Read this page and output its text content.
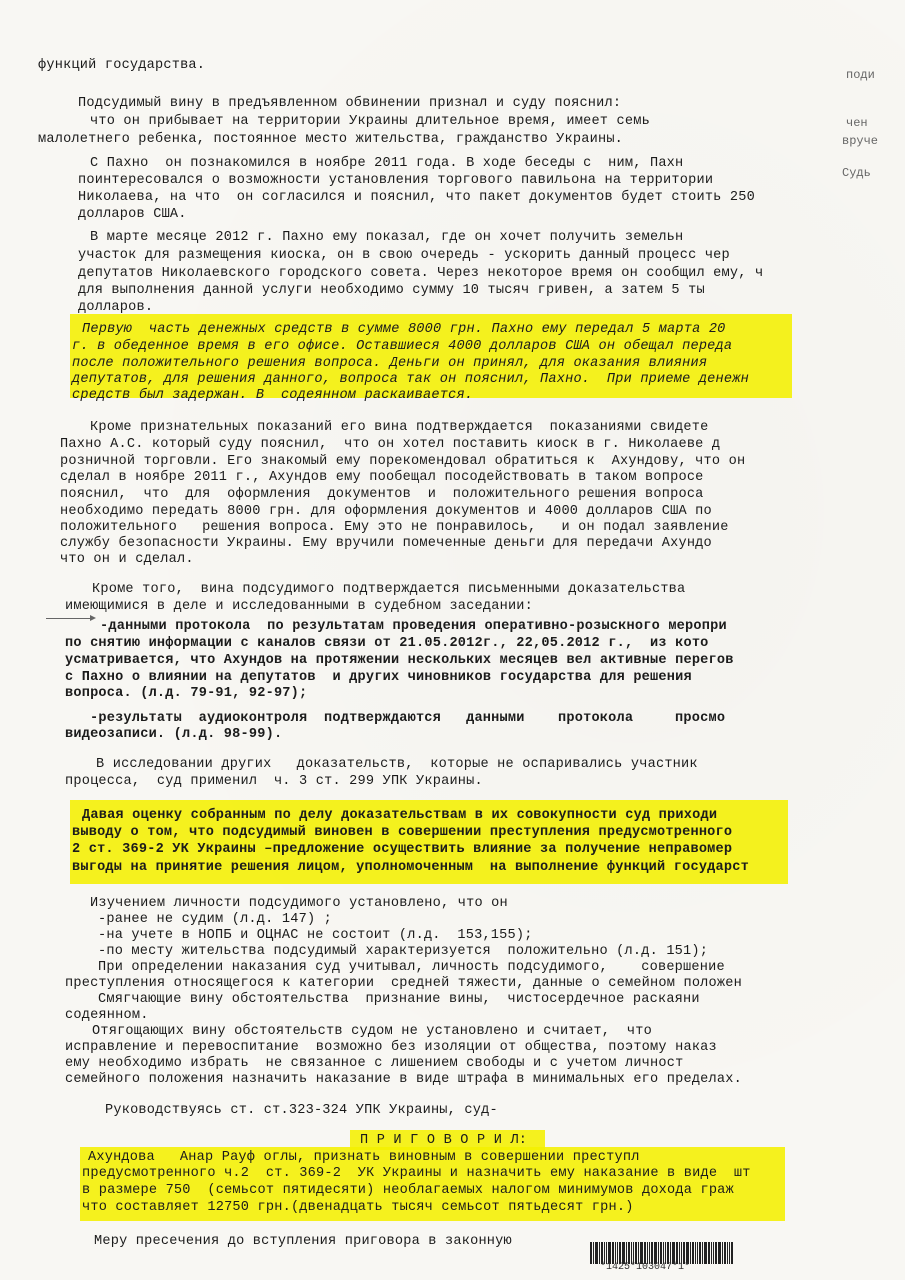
функций государства.
Подсудимый вину в предъявленном обвинении признал и суду пояснил:
что он прибывает на территории Украины длительное время, имеет семь
малолетнего ребенка, постоянное место жительства, гражданство Украины.
С Пахно  он познакомился в ноябре 2011 года. В ходе беседы с  ним, Пахн
поинтересовался о возможности установления торгового павильона на территории
Николаева, на что  он согласился и пояснил, что пакет документов будет стоить 250
долларов США.
В марте месяце 2012 г. Пахно ему показал, где он хочет получить земельн
участок для размещения киоска, он в свою очередь - ускорить данный процесс чер
депутатов Николаевского городского совета. Через некоторое время он сообщил ему, ч
для выполнения данной услуги необходимо сумму 10 тысяч гривен, а затем 5 ты
долларов.
Первую  часть денежных средств в сумме 8000 грн. Пахно ему передал 5 марта 20
г. в обеденное время в его офисе. Оставшиеся 4000 долларов США он обещал переда
после положительного решения вопроса. Деньги он принял, для оказания влияния
депутатов, для решения данного, вопроса так он пояснил, Пахно.  При приеме денежн
средств был задержан. В  содеянном раскаивается.
Кроме признательных показаний его вина подтверждается  показаниями свидете
Пахно А.С. который суду пояснил,  что он хотел поставить киоск в г. Николаеве д
розничной торговли. Его знакомый ему порекомендовал обратиться к  Ахундову, что он
сделал в ноябре 2011 г., Ахундов ему пообещал посодействовать в таком вопросе
пояснил,  что  для  оформления  документов  и  положительного решения вопроса
необходимо передать 8000 грн. для оформления документов и 4000 долларов США по
положительного   решения вопроса. Ему это не понравилось,   и он подал заявление
службу безопасности Украины. Ему вручили помеченные деньги для передачи Ахундо
что он и сделал.
Кроме того,  вина подсудимого подтверждается письменными доказательства
имеющимися в деле и исследованными в судебном заседании:
-данными протокола  по результатам проведения оперативно-розыскного меропри
по снятию информации с каналов связи от 21.05.2012г., 22,05.2012 г.,  из кото
усматривается, что Ахундов на протяжении нескольких месяцев вел активные перегов
с Пахно о влиянии на депутатов  и других чиновников государства для решения
вопроса. (л.д. 79-91, 92-97);
-результаты  аудиоконтроля  подтверждаются   данными    протокола     просмо
видеозаписи. (л.д. 98-99).
В исследовании других   доказательств,  которые не оспаривались участник
процесса,  суд применил  ч. 3 ст. 299 УПК Украины.
Давая оценку собранным по делу доказательствам в их совокупности суд приходи
выводу о том, что подсудимый виновен в совершении преступления предусмотренного
2 ст. 369-2 УК Украины –предложение осуществить влияние за получение неправомер
выгоды на принятие решения лицом, уполномоченным  на выполнение функций государст
Изучением личности подсудимого установлено, что он
-ранее не судим (л.д. 147) ;
-на учете в НОПБ и ОЦНАС не состоит (л.д.  153,155);
-по месту жительства подсудимый характеризуется  положительно (л.д. 151);
При определении наказания суд учитывал, личность подсудимого,    совершение
преступления относящегося к категории  средней тяжести, данные о семейном положен
Смягчающие вину обстоятельства  признание вины,  чистосердечное раскаяни
содеянном.
Отягощающих вину обстоятельств судом не установлено и считает,  что
исправление и перевоспитание  возможно без изоляции от общества, поэтому наказ
ему необходимо избрать  не связанное с лишением свободы и с учетом личност
семейного положения назначить наказание в виде штрафа в минимальных его пределах.
Руководствуясь ст. ст.323-324 УПК Украины, суд-
П Р И Г О В О Р И Л:
Ахундова   Анар Рауф оглы, признать виновным в совершении преступл
предусмотренного ч.2  ст. 369-2  УК Украины и назначить ему наказание в виде  шт
в размере 750  (семьсот пятидесяти) необлагаемых налогом минимумов дохода граж
что составляет 12750 грн.(двенадцать тысяч семьсот пятьдесят грн.)
Меру пресечения до вступления приговора в законную
поди
чен
вруче
Судь
*1425*103047*1*
